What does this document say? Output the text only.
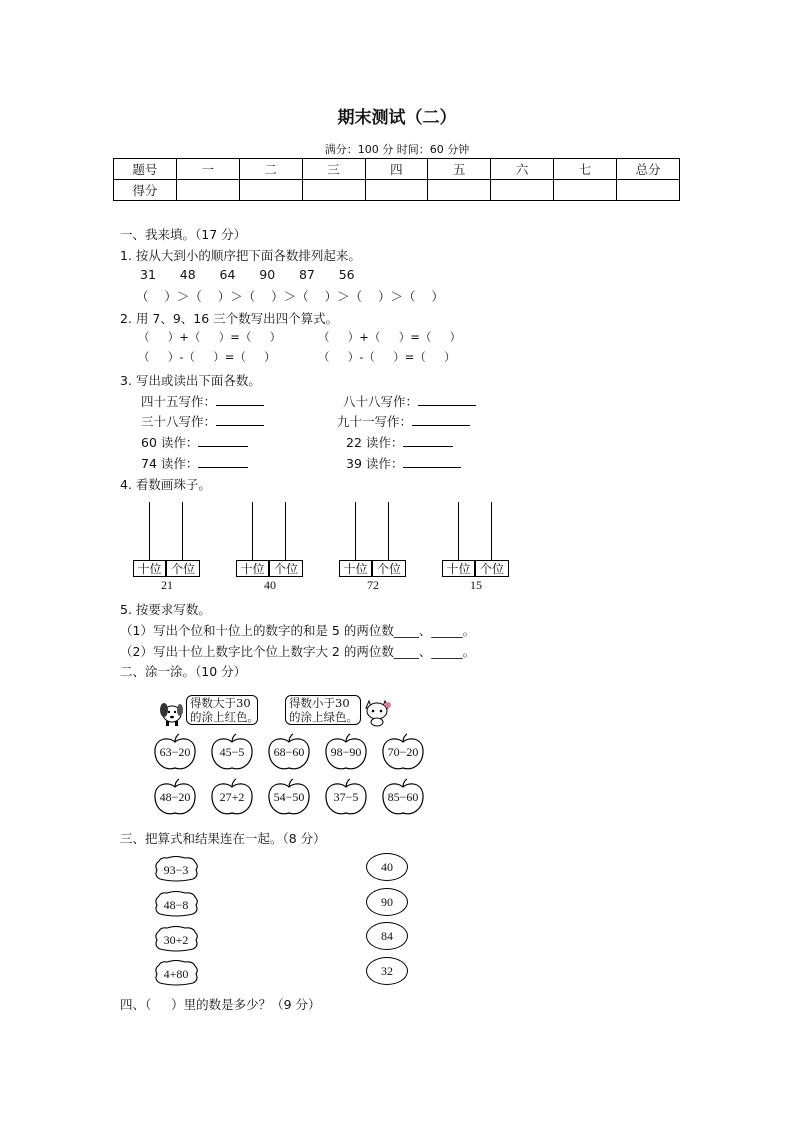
期末测试（二）
满分：100 分 时间：60 分钟
题号	一	二	三	四	五	六	七	总分
得分								
一、我来填。（17 分）
1. 按从大到小的顺序把下面各数排列起来。
31      48      64      90      87      56
（    ）＞（    ）＞（    ）＞（    ）＞（    ）＞（    ）
2. 用 7、9、16 三个数写出四个算式。
（     ）+（     ）=（     ）	（     ）+（     ）=（     ）
（     ）-（     ）=（     ）	（     ）-（     ）=（     ）
3. 写出或读出下面各数。
四十五写作：	八十八写作：
三十八写作：	九十一写作：
60 读作：	22 读作：
74 读作：	39 读作：
4. 看数画珠子。
十位 个位
21
十位 个位
40
十位 个位
72
十位 个位
15
5. 按要求写数。
（1）写出个位和十位上的数字的和是 5 的两位数____、_____。
（2）写出十位上数字比个位上数字大 2 的两位数____、_____。
二、涂一涂。（10 分）
得数大于30
的涂上红色。
得数小于30
的涂上绿色。
63−20	45−5	68−60	98−90	70−20
48−20	27+2	54−50	37−5	85−60
三、把算式和结果连在一起。（8 分）
93−3
48−8
30+2
4+80
40
90
84
32
四、（     ）里的数是多少？（9 分）
